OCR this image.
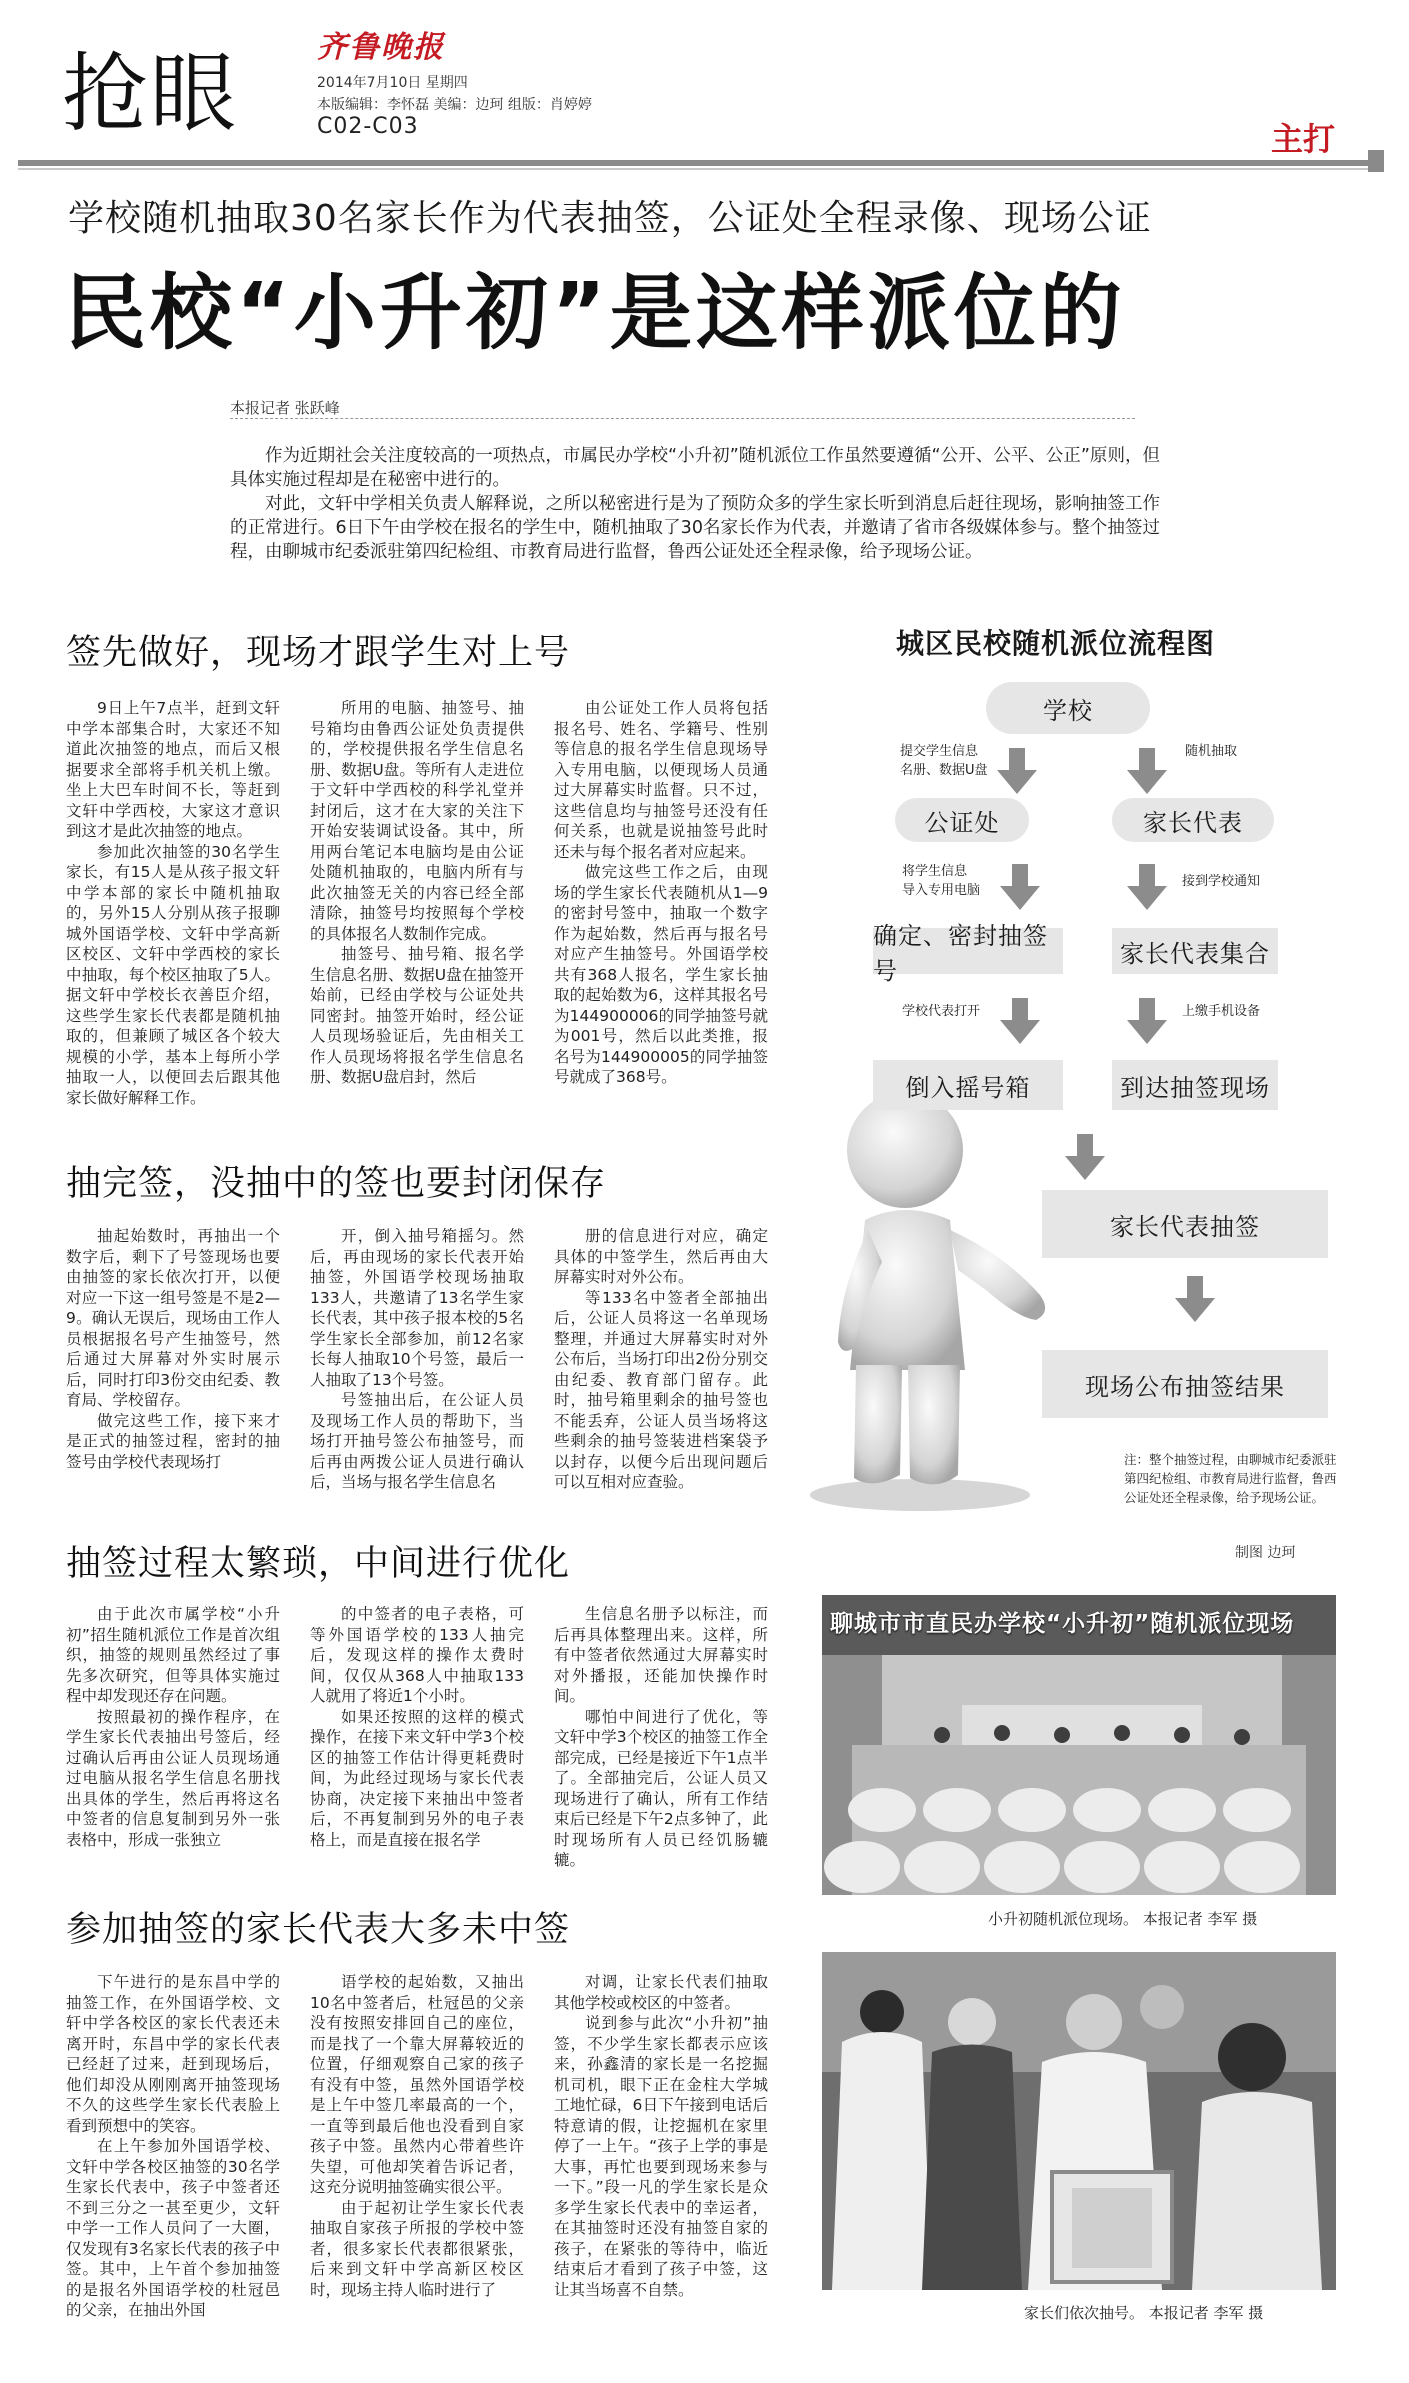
抢眼	齐鲁晚报
2014年7月10日 星期四
本版编辑：李怀磊 美编：边珂 组版：肖婷婷
C02-C03	主打
学校随机抽取30名家长作为代表抽签，公证处全程录像、现场公证
民校“小升初”是这样派位的
本报记者 张跃峰

作为近期社会关注度较高的一项热点，市属民办学校“小升初”随机派位工作虽然要遵循“公开、公平、公正”原则，但具体实施过程却是在秘密中进行的。

对此，文轩中学相关负责人解释说，之所以秘密进行是为了预防众多的学生家长听到消息后赶往现场，影响抽签工作的正常进行。6日下午由学校在报名的学生中，随机抽取了30名家长作为代表，并邀请了省市各级媒体参与。整个抽签过程，由聊城市纪委派驻第四纪检组、市教育局进行监督，鲁西公证处还全程录像，给予现场公证。

签先做好，现场才跟学生对上号

9日上午7点半，赶到文轩中学本部集合时，大家还不知道此次抽签的地点，而后又根据要求全部将手机关机上缴。坐上大巴车时间不长，等赶到文轩中学西校，大家这才意识到这才是此次抽签的地点。

参加此次抽签的30名学生家长，有15人是从孩子报文轩中学本部的家长中随机抽取的，另外15人分别从孩子报聊城外国语学校、文轩中学高新区校区、文轩中学西校的家长中抽取，每个校区抽取了5人。据文轩中学校长衣善臣介绍，这些学生家长代表都是随机抽取的，但兼顾了城区各个较大规模的小学，基本上每所小学抽取一人，以便回去后跟其他家长做好解释工作。

所用的电脑、抽签号、抽号箱均由鲁西公证处负责提供的，学校提供报名学生信息名册、数据U盘。等所有人走进位于文轩中学西校的科学礼堂并封闭后，这才在大家的关注下开始安装调试设备。其中，所用两台笔记本电脑均是由公证处随机抽取的，电脑内所有与此次抽签无关的内容已经全部清除，抽签号均按照每个学校的具体报名人数制作完成。

抽签号、抽号箱、报名学生信息名册、数据U盘在抽签开始前，已经由学校与公证处共同密封。抽签开始时，经公证人员现场验证后，先由相关工作人员现场将报名学生信息名册、数据U盘启封，然后

由公证处工作人员将包括报名号、姓名、学籍号、性别等信息的报名学生信息现场导入专用电脑，以便现场人员通过大屏幕实时监督。只不过，这些信息均与抽签号还没有任何关系，也就是说抽签号此时还未与每个报名者对应起来。

做完这些工作之后，由现场的学生家长代表随机从1—9的密封号签中，抽取一个数字作为起始数，然后再与报名号对应产生抽签号。外国语学校共有368人报名，学生家长抽取的起始数为6，这样其报名号为144900006的同学抽签号就为001号，然后以此类推，报名号为144900005的同学抽签号就成了368号。

抽完签，没抽中的签也要封闭保存

抽起始数时，再抽出一个数字后，剩下了号签现场也要由抽签的家长依次打开，以便对应一下这一组号签是不是2—9。确认无误后，现场由工作人员根据报名号产生抽签号，然后通过大屏幕对外实时展示后，同时打印3份交由纪委、教育局、学校留存。

做完这些工作，接下来才是正式的抽签过程，密封的抽签号由学校代表现场打

开，倒入抽号箱摇匀。然后，再由现场的家长代表开始抽签，外国语学校现场抽取133人，共邀请了13名学生家长代表，其中孩子报本校的5名学生家长全部参加，前12名家长每人抽取10个号签，最后一人抽取了13个号签。

号签抽出后，在公证人员及现场工作人员的帮助下，当场打开抽号签公布抽签号，而后再由两拨公证人员进行确认后，当场与报名学生信息名

册的信息进行对应，确定具体的中签学生，然后再由大屏幕实时对外公布。

等133名中签者全部抽出后，公证人员将这一名单现场整理，并通过大屏幕实时对外公布后，当场打印出2份分别交由纪委、教育部门留存。此时，抽号箱里剩余的抽号签也不能丢弃，公证人员当场将这些剩余的抽号签装进档案袋予以封存，以便今后出现问题后可以互相对应查验。

抽签过程太繁琐，中间进行优化

由于此次市属学校“小升初”招生随机派位工作是首次组织，抽签的规则虽然经过了事先多次研究，但等具体实施过程中却发现还存在问题。

按照最初的操作程序，在学生家长代表抽出号签后，经过确认后再由公证人员现场通过电脑从报名学生信息名册找出具体的学生，然后再将这名中签者的信息复制到另外一张表格中，形成一张独立

的中签者的电子表格，可等外国语学校的133人抽完后，发现这样的操作太费时间，仅仅从368人中抽取133人就用了将近1个小时。

如果还按照的这样的模式操作，在接下来文轩中学3个校区的抽签工作估计得更耗费时间，为此经过现场与家长代表协商，决定接下来抽出中签者后，不再复制到另外的电子表格上，而是直接在报名学

生信息名册予以标注，而后再具体整理出来。这样，所有中签者依然通过大屏幕实时对外播报，还能加快操作时间。

哪怕中间进行了优化，等文轩中学3个校区的抽签工作全部完成，已经是接近下午1点半了。全部抽完后，公证人员又现场进行了确认，所有工作结束后已经是下午2点多钟了，此时现场所有人员已经饥肠辘辘。

参加抽签的家长代表大多未中签

下午进行的是东昌中学的抽签工作，在外国语学校、文轩中学各校区的家长代表还未离开时，东昌中学的家长代表已经赶了过来，赶到现场后，他们却没从刚刚离开抽签现场不久的这些学生家长代表脸上看到预想中的笑容。

在上午参加外国语学校、文轩中学各校区抽签的30名学生家长代表中，孩子中签者还不到三分之一甚至更少，文轩中学一工作人员问了一大圈，仅发现有3名家长代表的孩子中签。其中，上午首个参加抽签的是报名外国语学校的杜冠邑的父亲，在抽出外国

语学校的起始数，又抽出10名中签者后，杜冠邑的父亲没有按照安排回自己的座位，而是找了一个靠大屏幕较近的位置，仔细观察自己家的孩子有没有中签，虽然外国语学校是上午中签几率最高的一个，一直等到最后他也没看到自家孩子中签。虽然内心带着些许失望，可他却笑着告诉记者，这充分说明抽签确实很公平。

由于起初让学生家长代表抽取自家孩子所报的学校中签者，很多家长代表都很紧张，后来到文轩中学高新区校区时，现场主持人临时进行了

对调，让家长代表们抽取其他学校或校区的中签者。

说到参与此次“小升初”抽签，不少学生家长都表示应该来，孙鑫清的家长是一名挖掘机司机，眼下正在金柱大学城工地忙碌，6日下午接到电话后特意请的假，让挖掘机在家里停了一上午。“孩子上学的事是大事，再忙也要到现场来参与一下。”段一凡的学生家长是众多学生家长代表中的幸运者，在其抽签时还没有抽签自家的孩子，在紧张的等待中，临近结束后才看到了孩子中签，这让其当场喜不自禁。

城区民校随机派位流程图
学校
提交学生信息
名册、数据U盘
随机抽取
公证处	家长代表
将学生信息
导入专用电脑
接到学校通知
确定、密封抽签号
家长代表集合
学校代表打开	上缴手机设备
倒入摇号箱	到达抽签现场
家长代表抽签
现场公布抽签结果
注：整个抽签过程，由聊城市纪委派驻第四纪检组、市教育局进行监督，鲁西公证处还全程录像，给予现场公证。
制图 边珂
聊城市市直民办学校“小升初”随机派位现场
小升初随机派位现场。 本报记者 李军 摄
家长们依次抽号。 本报记者 李军 摄
